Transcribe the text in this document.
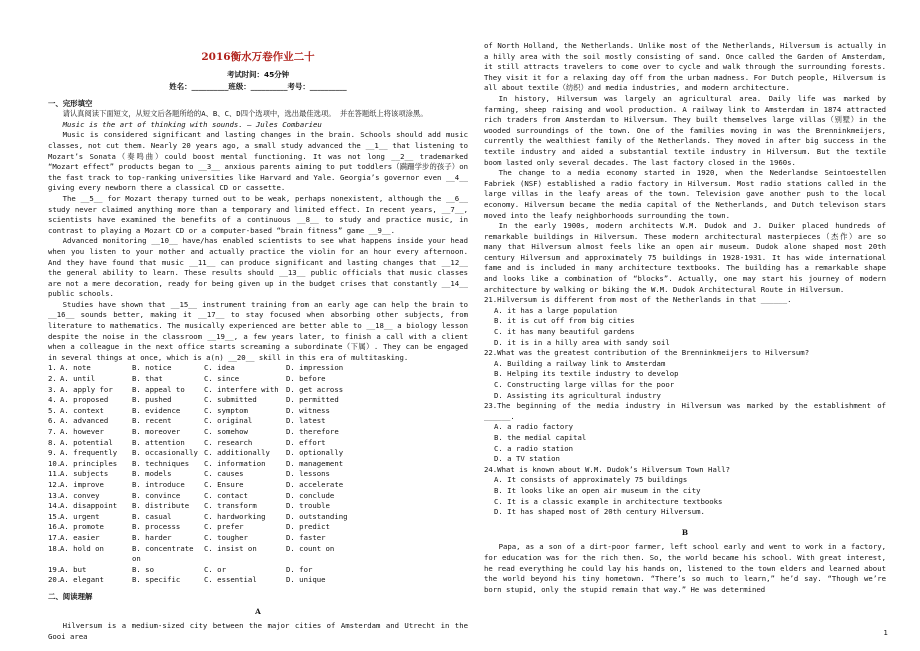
2016衡水万卷作业二十
考试时间：45分钟
姓名：__________班级：__________考号：__________
一、完形填空

请认真阅读下面短文，从短文后各题所给的A、B、C、D四个选项中，选出最佳选项。 并在答题纸上将该项涂黑。

Music is the art of thinking with sounds. — Jules Combarieu

Music is considered significant and lasting changes in the brain. Schools should add music classes, not cut them. Nearly 20 years ago, a small study advanced the __1__ that listening to Mozart’s Sonata（奏鸣曲）could boost mental functioning. It was not long __2__ trademarked “Mozart effect” products began to __3__ anxious parents aiming to put toddlers（蹒跚学步的孩子）on the fast track to top-ranking universities like Harvard and Yale. Georgia’s governor even __4__ giving every newborn there a classical CD or cassette.

The __5__ for Mozart therapy turned out to be weak, perhaps nonexistent, although the __6__ study never claimed anything more than a temporary and limited effect. In recent years, __7__, scientists have examined the benefits of a continuous __8__ to study and practice music, in contrast to playing a Mozart CD or a computer-based “brain fitness” game __9__.

Advanced monitoring __10__ have/has enabled scientists to see what happens inside your head when you listen to your mother and actually practice the violin for an hour every afternoon. And they have found that music __11__ can produce significant and lasting changes that __12__ the general ability to learn. These results should __13__ public officials that music classes are not a mere decoration, ready for being given up in the budget crises that constantly __14__ public schools.

Studies have shown that __15__ instrument training from an early age can help the brain to __16__ sounds better, making it __17__ to stay focused when absorbing other subjects, from literature to mathematics. The musically experienced are better able to __18__ a biology lesson despite the noise in the classroom __19__, a few years later, to finish a call with a client when a colleague in the next office starts screaming a subordinate（下属）. They can be engaged in several things at once, which is a(n) __20__ skill in this era of multitasking.

1. A. note	B. notice	C. idea	D. impression
2. A. until	B. that	C. since	D. before
3. A. apply for	B. appeal to	C. interfere with	D. get across
4. A. proposed	B. pushed	C. submitted	D. permitted
5. A. context	B. evidence	C. symptom	D. witness
6. A. advanced	B. recent	C. original	D. latest
7. A. however	B. moreover	C. somehow	D. therefore
8. A. potential	B. attention	C. research	D. effort
9. A. frequently	B. occasionally C. additionally	D. optionally
10.
A. principles	B. techniques	C. information	D. management
11.
A. subjects	B. models	C. causes	D. lessons
12.
A. improve	B. introduce	C. Ensure	D. accelerate
13.
A. convey	B. convince	C. contact	D. conclude
14.
A. disappoint	B. distribute	C. transform	D. trouble
15.
A. urgent	B. casual	C. hardworking	D. outstanding
16.
A. promote	B. processs	C. prefer	D. predict
17.
A. easier	B. harder	C. tougher	D. faster
18.
A. hold on	B. concentrate on
C. insist on	D. count on
19.
A. but	B. so	C. or	D. for
20.
A. elegant	B. specific	C. essential	D. unique
二、阅读理解
A

Hilversum is a medium-sized city between the major cities of Amsterdam and Utrecht in the Gooi area

of North Holland, the Netherlands. Unlike most of the Netherlands, Hilversum is actually in a hilly area with the soil mostly consisting of sand. Once called the Garden of Amsterdam, it still attracts travelers to come over to cycle and walk through the surrounding forests. They visit it for a relaxing day off from the urban madness. For Dutch people, Hilversum is all about textile（纺织）and media industries, and modern architecture.

In history, Hilversum was largely an agricultural area. Daily life was marked by farming, sheep raising and wool production. A railway link to Amsterdam in 1874 attracted rich traders from Amsterdam to Hilversum. They built themselves large villas（别墅）in the wooded surroundings of the town. One of the families moving in was the Brenninkmeijers, currently the wealthiest family of the Netherlands. They moved in after big success in the textile industry and aided a substantial textile industry in Hilversum. But the textile boom lasted only several decades. The last factory closed in the 1960s.

The change to a media economy started in 1920, when the Nederlandse Seintoestellen Fabriek (NSF) established a radio factory in Hilversum. Most radio stations called in the large villas in the leafy areas of the town. Television gave another push to the local economy. Hilversum became the media capital of the Netherlands, and Dutch televison stars moved into the leafy neighborhoods surrounding the town.

In the early 1900s, modern architects W.M. Dudok and J. Duiker placed hundreds of remarkable buildings in Hilversum. These modern architectural masterpieces（杰作）are so many that Hilversum almost feels like an open air museum. Dudok alone shaped most 20th century Hilversum and approximately 75 buildings in 1928-1931. It has wide international fame and is included in many architecture textbooks. The building has a remarkable shape and looks like a combination of “blocks”. Actually, one may start his journey of modern architecture by walking or biking the W.M. Dudok Architectural Route in Hilversum.

21.Hilversum is different from most of the Netherlands in that ______.

A. it has a large population

B. it is cut off from big cities

C. it has many beautiful gardens

D. it is in a hilly area with sandy soil

22.What was the greatest contribution of the Brenninkmeijers to Hilversum?

A. Building a railway link to Amsterdam

B. Helping its textile industry to develop

C. Constructing large villas for the poor

D. Assisting its agricultural industry

23.The beginning of the media industry in Hilversum was marked by the establishment of ______.

A. a radio factory

B. the medial capital

C. a radio station

D. a TV station

24.What is known about W.M. Dudok’s Hilversum Town Hall?

A. It consists of approximately 75 buildings

B. It looks like an open air museum in the city

C. It is a classic example in architecture textbooks

D. It has shaped most of 20th century Hilversum.

B

Papa, as a son of a dirt-poor farmer, left school early and went to work in a factory, for education was for the rich then. So, the world became his school. With great interest, he read everything he could lay his hands on, listened to the town elders and learned about the world beyond his tiny hometown. “There’s so much to learn,” he’d say. “Though we’re born stupid, only the stupid remain that way.” He was determined

1
